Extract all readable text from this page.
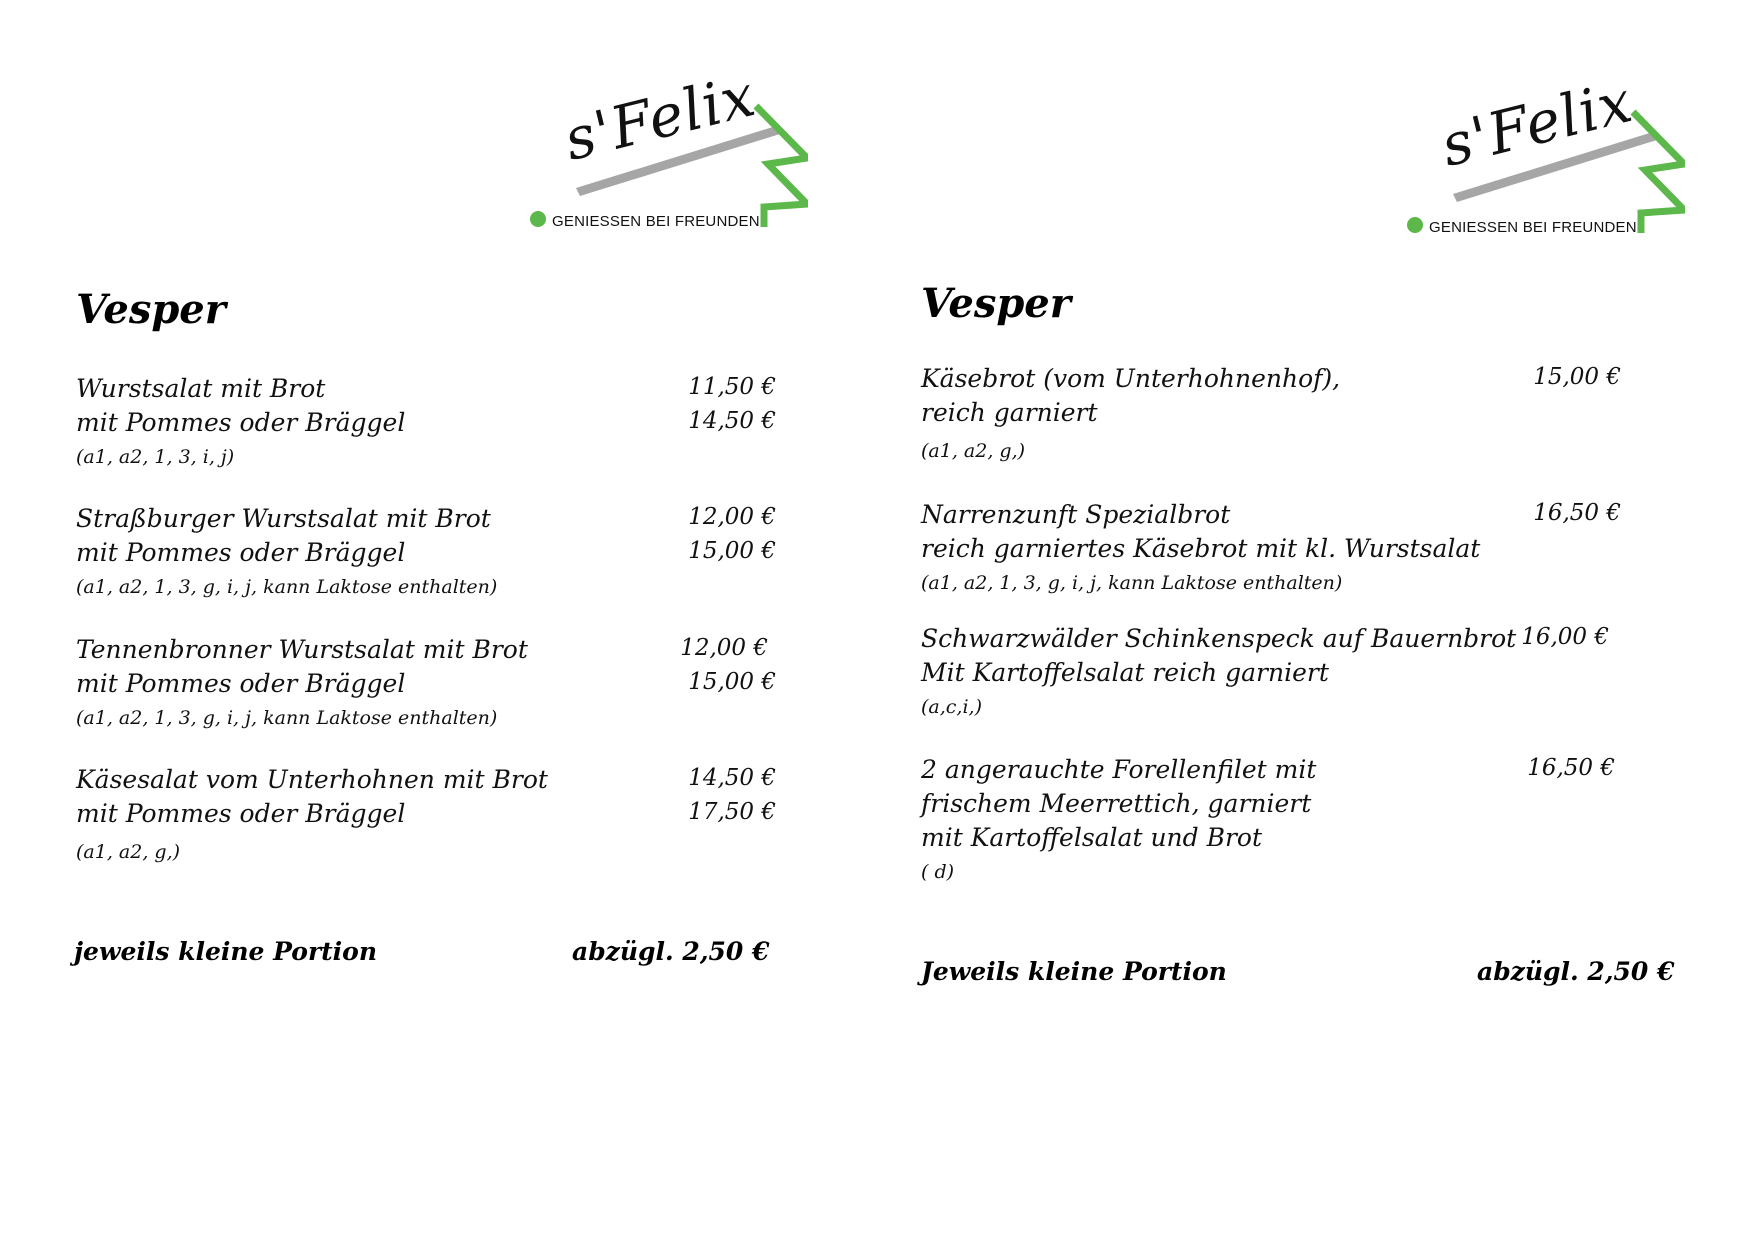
s'Felix
GENIESSEN BEI FREUNDEN
Vesper
Wurstsalat mit Brot	11,50 €
mit Pommes oder Bräggel	14,50 €
(a1, a2, 1, 3, i, j)
Straßburger Wurstsalat mit Brot	12,00 €
mit Pommes oder Bräggel	15,00 €
(a1, a2, 1, 3, g, i, j, kann Laktose enthalten)
Tennenbronner Wurstsalat mit Brot	12,00 €
mit Pommes oder Bräggel	15,00 €
(a1, a2, 1, 3, g, i, j, kann Laktose enthalten)
Käsesalat vom Unterhohnen mit Brot	14,50 €
mit Pommes oder Bräggel	17,50 €
(a1, a2, g,)
jeweils kleine Portion	abzügl. 2,50 €
s'Felix
GENIESSEN BEI FREUNDEN
Vesper
Käsebrot (vom Unterhohnenhof),	15,00 €
reich garniert
(a1, a2, g,)
Narrenzunft Spezialbrot	16,50 €
reich garniertes Käsebrot mit kl. Wurstsalat
(a1, a2, 1, 3, g, i, j, kann Laktose enthalten)
Schwarzwälder Schinkenspeck auf Bauernbrot 16,00 €
Mit Kartoffelsalat reich garniert
(a,c,i,)
2 angerauchte Forellenfilet mit	16,50 €
frischem Meerrettich, garniert
mit Kartoffelsalat und Brot
( d)
Jeweils kleine Portion	abzügl. 2,50 €
